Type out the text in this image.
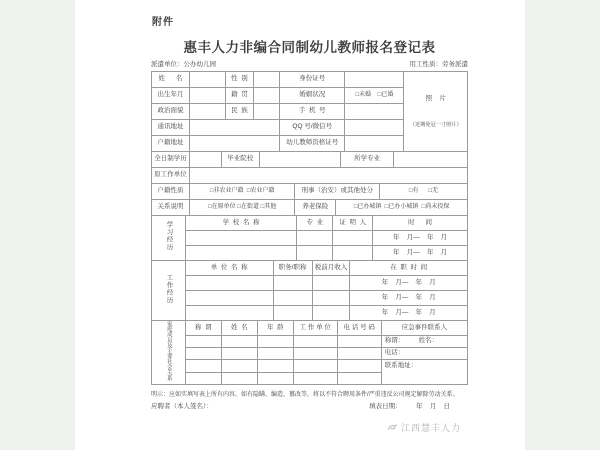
附件
惠丰人力非编合同制幼儿教师报名登记表
派遣单位：公办幼儿园	用工性质：劳务派遣
姓      名		性  别		身份证号		照    片

（近期免冠一寸照片）

出生年月		籍  贯		婚姻状况	□未婚    □已婚	
政治面貌		民  族		手  机  号		
通讯地址				QQ 号/微信号		
户籍地址				幼儿教师资格证号		
全日制学历		毕业院校		所学专业	
原工作单位					
户籍性质	□非农业户籍  □农业户籍	刑事（治安）或其他处分		□有      □无
关系说明	□在原单位 □在街道 □其他	养老保险	□已办城镇  □已办小城镇  □尚未投保	
学习经历	学  校  名  称	专  业	证  明  人	时      间
				年    月—    年    月
				年    月—    年    月
工作经历	单  位  名  称	职务/职称	税前月收入	在  职  时  间
				年    月—    年    月
				年    月—    年    月
				年    月—    年    月
家庭成员及主要社会关系	称  谓	姓  名	年  龄	工 作 单 位	电 话 号 码	应急事件联系人
						称谓：        姓名：
						电话：
						联系地址：

明示：应如实填写表上所有内容，如有隐瞒、编造、篡改等，将以不符合聘用条件/严重违反公司规定解除劳动关系。
应聘者（本人签名）：	填表日期：        年    月    日
江西慧丰人力
